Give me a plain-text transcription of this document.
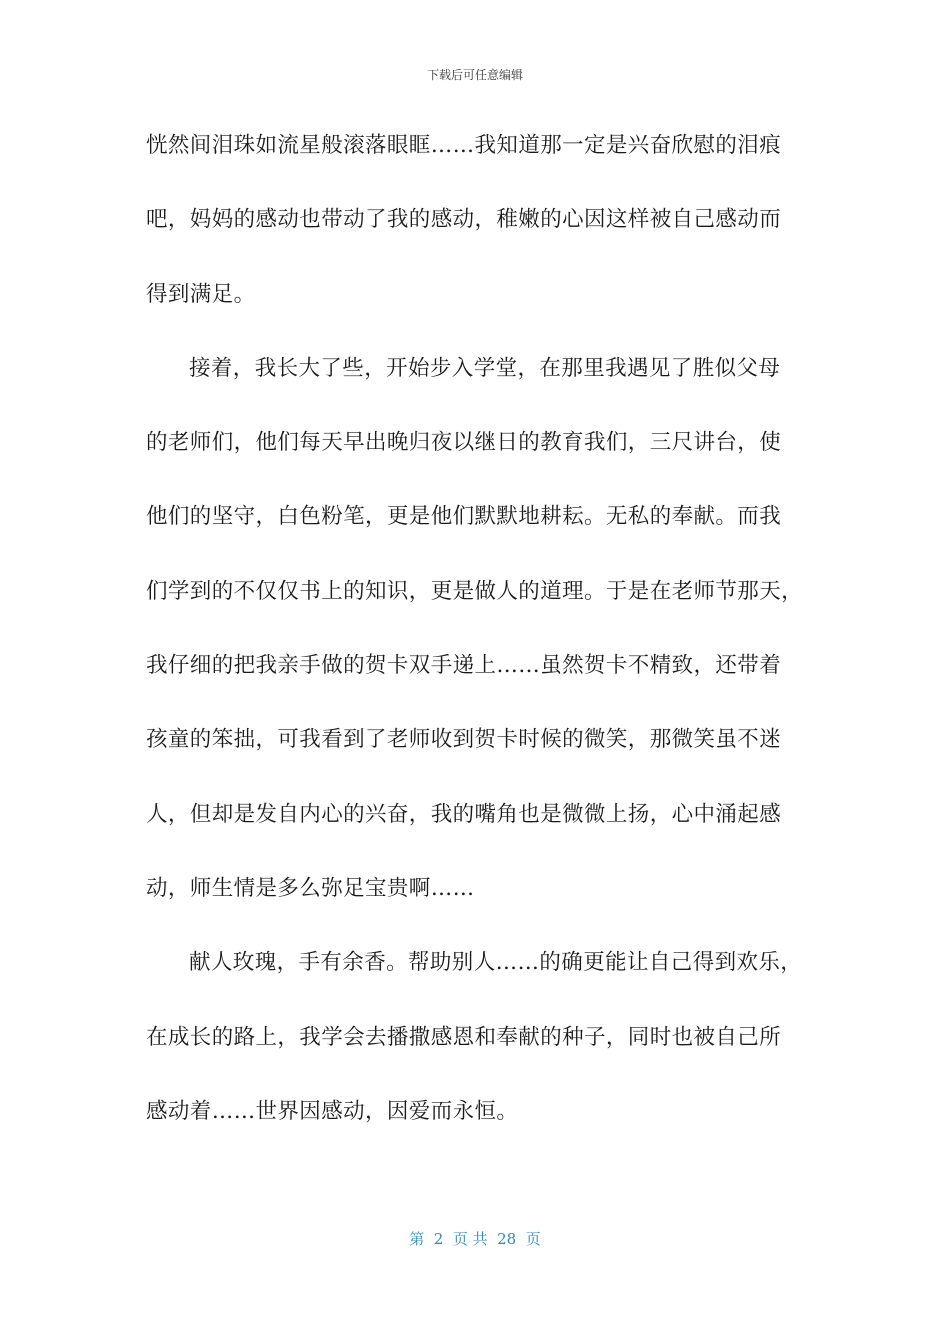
下载后可任意编辑
恍然间泪珠如流星般滚落眼眶……我知道那一定是兴奋欣慰的泪痕
吧，妈妈的感动也带动了我的感动，稚嫩的心因这样被自己感动而
得到满足。
接着，我长大了些，开始步入学堂，在那里我遇见了胜似父母
的老师们，他们每天早出晚归夜以继日的教育我们，三尺讲台，使
他们的坚守，白色粉笔，更是他们默默地耕耘。无私的奉献。而我
们学到的不仅仅书上的知识，更是做人的道理。于是在老师节那天，
我仔细的把我亲手做的贺卡双手递上……虽然贺卡不精致，还带着
孩童的笨拙，可我看到了老师收到贺卡时候的微笑，那微笑虽不迷
人，但却是发自内心的兴奋，我的嘴角也是微微上扬，心中涌起感
动，师生情是多么弥足宝贵啊……
献人玫瑰，手有余香。帮助别人……的确更能让自己得到欢乐，
在成长的路上，我学会去播撒感恩和奉献的种子，同时也被自己所
感动着……世界因感动，因爱而永恒。
第  2  页 共  28  页
